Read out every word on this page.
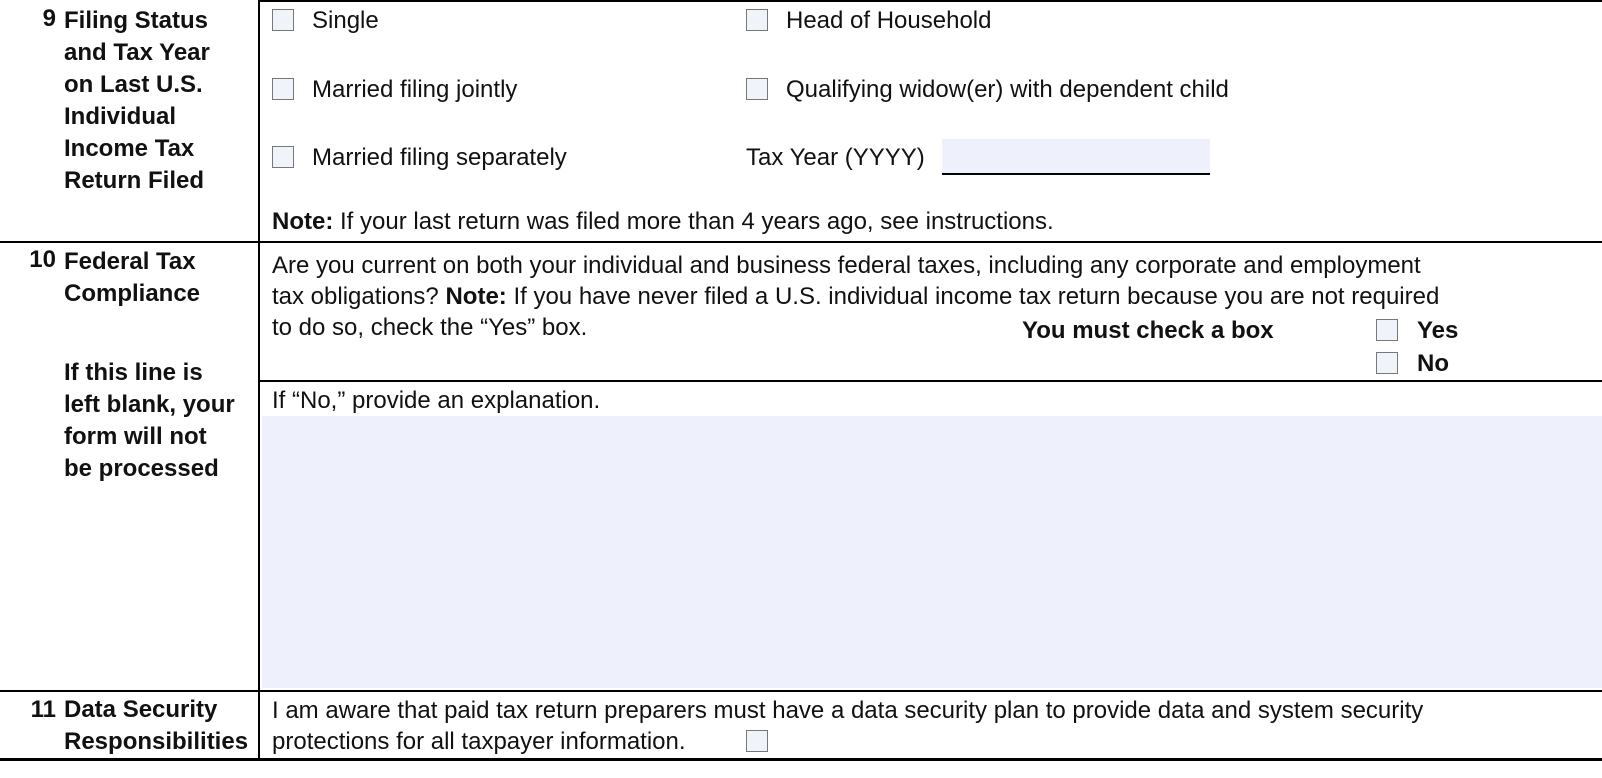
9 Filing Status
and Tax Year
on Last U.S.
Individual
Income Tax
Return Filed
Single	Head of Household
Married filing jointly	Qualifying widow(er) with dependent child
Married filing separately	Tax Year (YYYY)
Note: If your last return was filed more than 4 years ago, see instructions.
10 Federal Tax
Compliance
If this line is
left blank, your
form will not
be processed
Are you current on both your individual and business federal taxes, including any corporate and employment
tax obligations? Note: If you have never filed a U.S. individual income tax return because you are not required
to do so, check the “Yes” box.	You must check a box	Yes
No
If “No,” provide an explanation.
11 Data Security
Responsibilities
I am aware that paid tax return preparers must have a data security plan to provide data and system security
protections for all taxpayer information.
